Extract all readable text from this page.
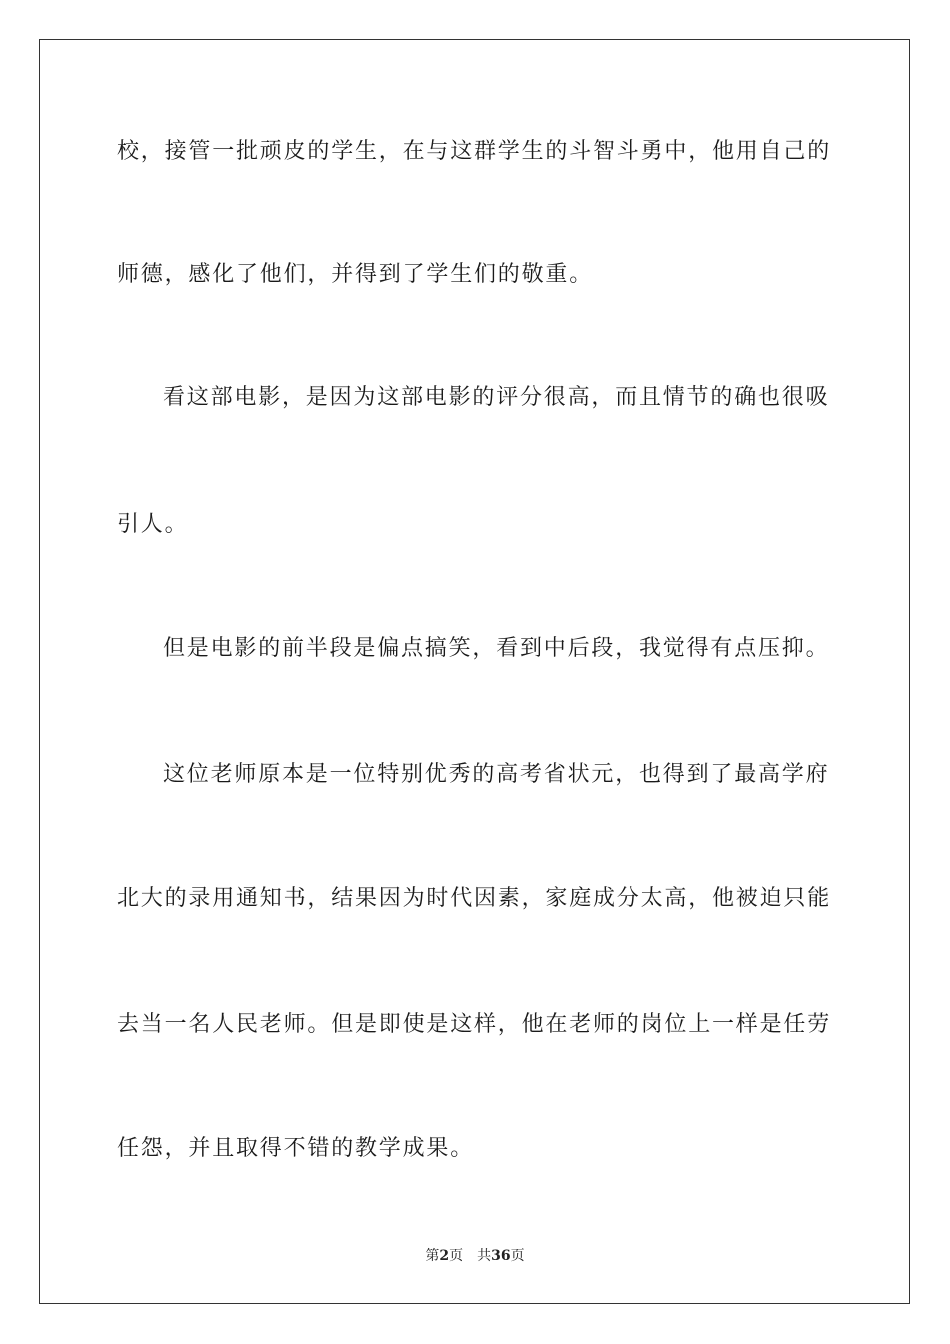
校，接管一批顽皮的学生，在与这群学生的斗智斗勇中，他用自己的
师德，感化了他们，并得到了学生们的敬重。
看这部电影，是因为这部电影的评分很高，而且情节的确也很吸
引人。
但是电影的前半段是偏点搞笑，看到中后段，我觉得有点压抑。
这位老师原本是一位特别优秀的高考省状元，也得到了最高学府
北大的录用通知书，结果因为时代因素，家庭成分太高，他被迫只能
去当一名人民老师。但是即使是这样，他在老师的岗位上一样是任劳
任怨，并且取得不错的教学成果。
第2页 共36页
